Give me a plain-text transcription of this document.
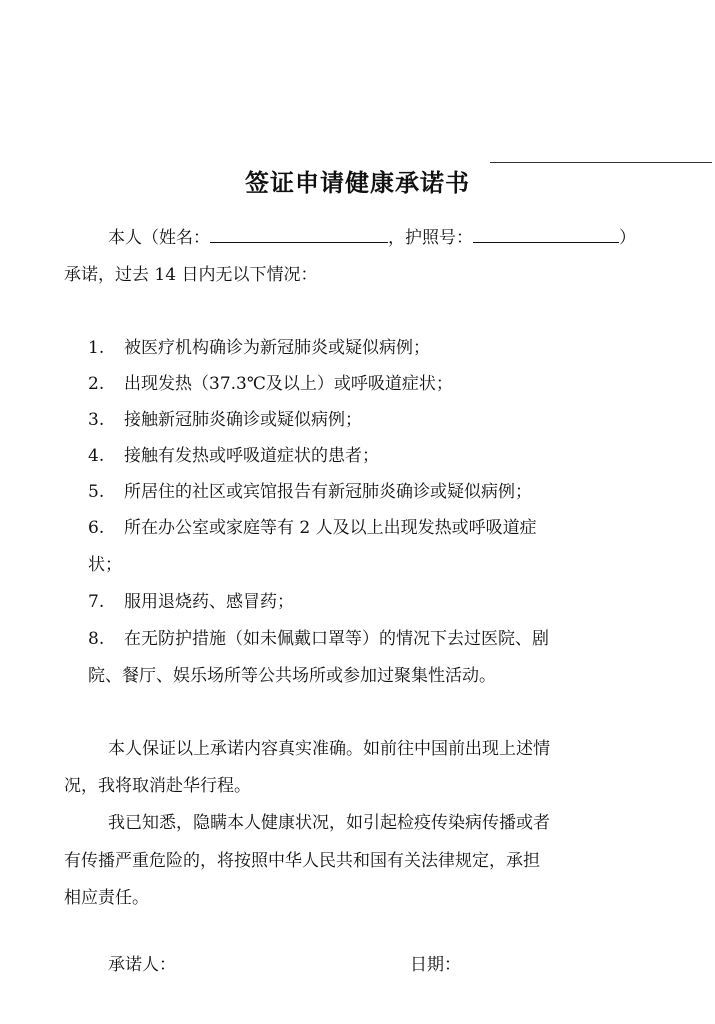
签证申请健康承诺书
本人（姓名：	，护照号：	）
承诺，过去 14 日内无以下情况：
1. 被医疗机构确诊为新冠肺炎或疑似病例；
2. 出现发热（37.3℃及以上）或呼吸道症状；
3. 接触新冠肺炎确诊或疑似病例；
4. 接触有发热或呼吸道症状的患者；
5. 所居住的社区或宾馆报告有新冠肺炎确诊或疑似病例；
6. 所在办公室或家庭等有 2 人及以上出现发热或呼吸道症
状；
7. 服用退烧药、感冒药；
8. 在无防护措施（如未佩戴口罩等）的情况下去过医院、剧
院、餐厅、娱乐场所等公共场所或参加过聚集性活动。
本人保证以上承诺内容真实准确。如前往中国前出现上述情
况，我将取消赴华行程。
我已知悉，隐瞒本人健康状况，如引起检疫传染病传播或者
有传播严重危险的，将按照中华人民共和国有关法律规定，承担
相应责任。
承诺人：	日期：
